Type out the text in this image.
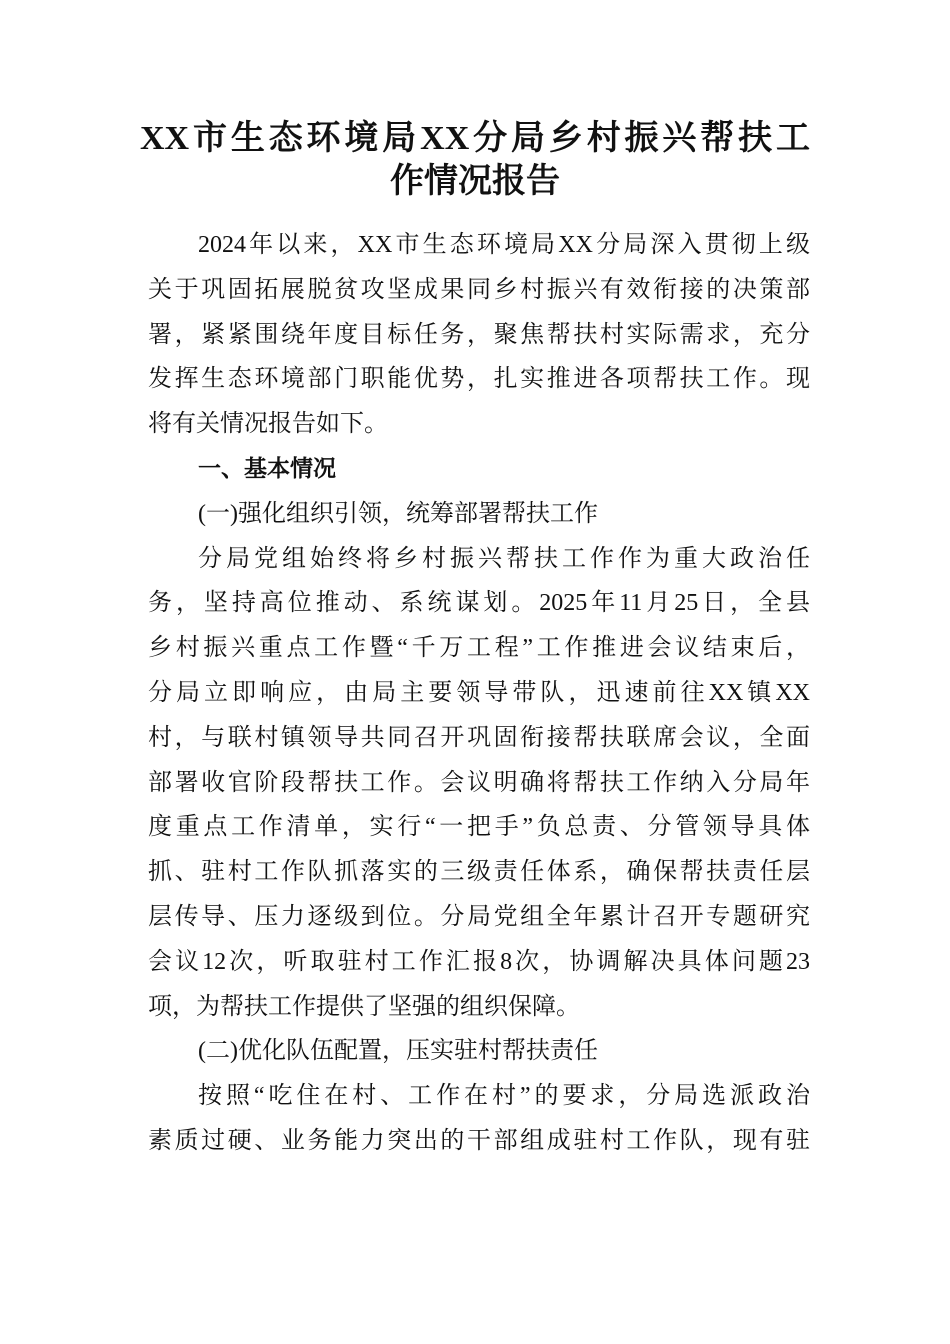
XX市生态环境局XX分局乡村振兴帮扶工
作情况报告
2024年以来，XX市生态环境局XX分局深入贯彻上级
关于巩固拓展脱贫攻坚成果同乡村振兴有效衔接的决策部
署，紧紧围绕年度目标任务，聚焦帮扶村实际需求，充分
发挥生态环境部门职能优势，扎实推进各项帮扶工作。现
将有关情况报告如下。
一、基本情况
(一)强化组织引领，统筹部署帮扶工作
分局党组始终将乡村振兴帮扶工作作为重大政治任
务，坚持高位推动、系统谋划。2025年11月25日，全县
乡村振兴重点工作暨“千万工程”工作推进会议结束后，
分局立即响应，由局主要领导带队，迅速前往XX镇XX
村，与联村镇领导共同召开巩固衔接帮扶联席会议，全面
部署收官阶段帮扶工作。会议明确将帮扶工作纳入分局年
度重点工作清单，实行“一把手”负总责、分管领导具体
抓、驻村工作队抓落实的三级责任体系，确保帮扶责任层
层传导、压力逐级到位。分局党组全年累计召开专题研究
会议12次，听取驻村工作汇报8次，协调解决具体问题23
项，为帮扶工作提供了坚强的组织保障。
(二)优化队伍配置，压实驻村帮扶责任
按照“吃住在村、工作在村”的要求，分局选派政治
素质过硬、业务能力突出的干部组成驻村工作队，现有驻
